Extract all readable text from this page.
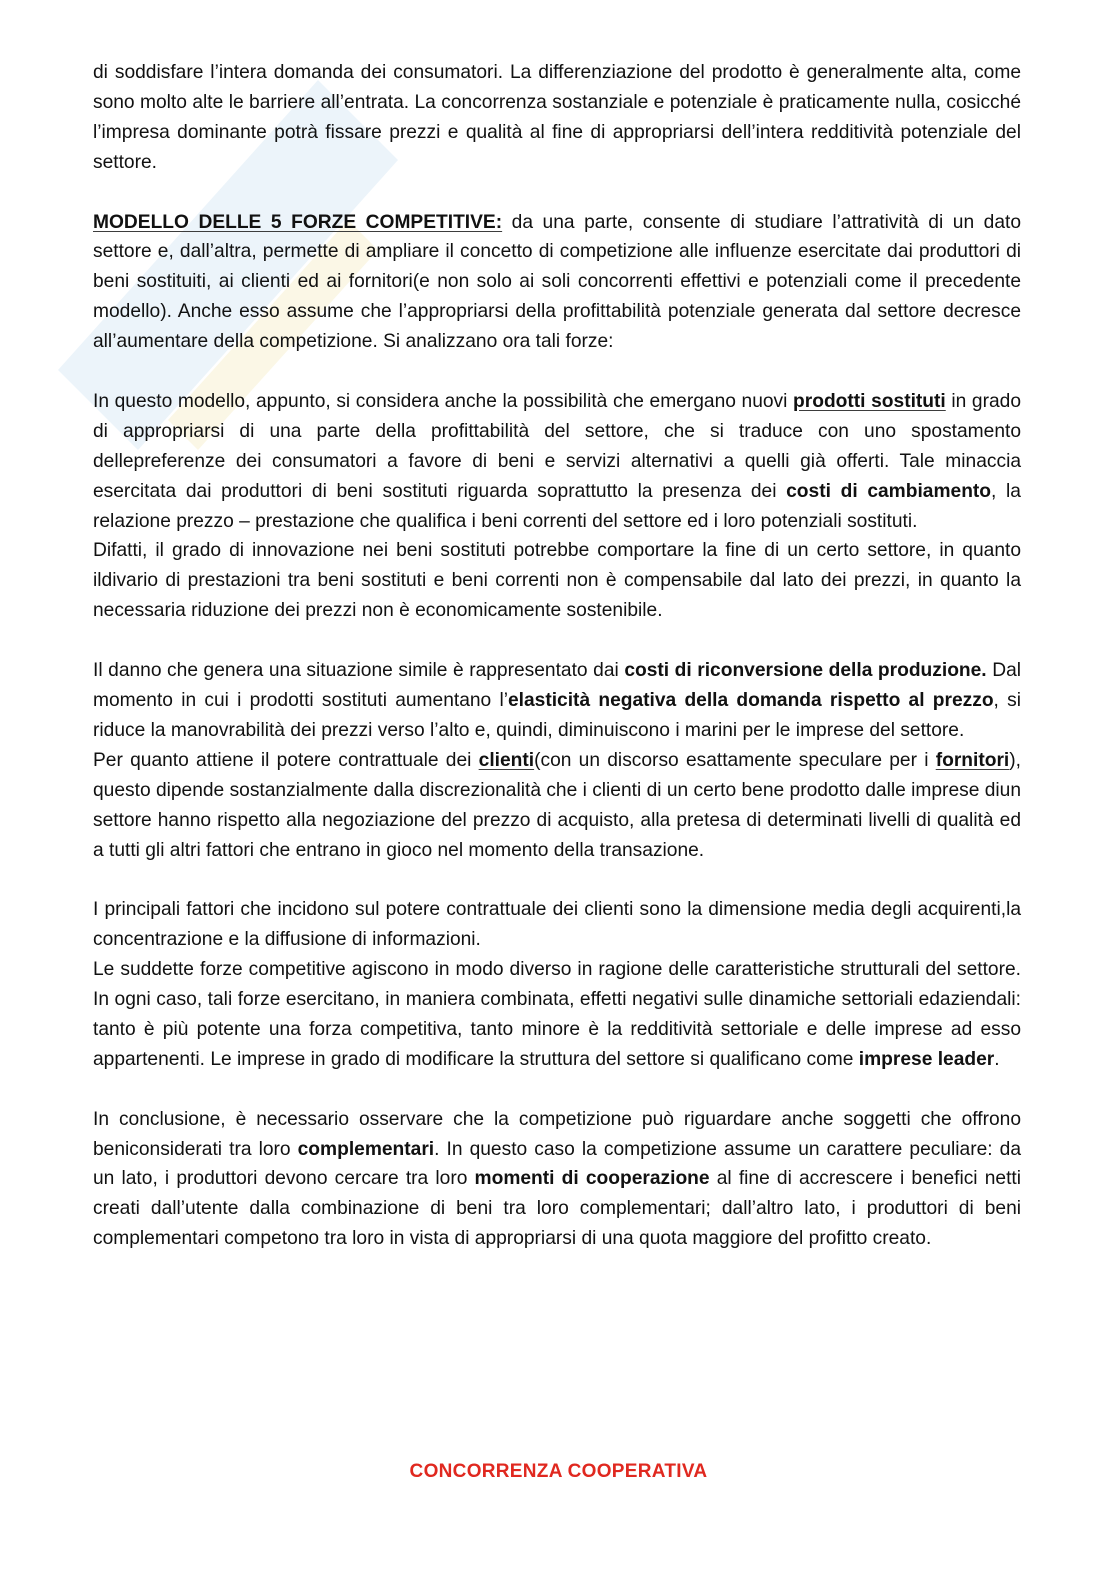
di soddisfare l’intera domanda dei consumatori. La differenziazione del prodotto è generalmente alta, come sono molto alte le barriere all’entrata. La concorrenza sostanziale e potenziale è praticamente nulla, cosicché l’impresa dominante potrà fissare prezzi e qualità al fine di appropriarsi dell’intera redditività potenziale del settore.

MODELLO DELLE 5 FORZE COMPETITIVE: da una parte, consente di studiare l’attratività di un dato settore e, dall’altra, permette di ampliare il concetto di competizione alle influenze esercitate dai produttori di beni sostituiti, ai clienti ed ai fornitori(e non solo ai soli concorrenti effettivi e potenziali come il precedente modello). Anche esso assume che l’appropriarsi della profittabilità potenziale generata dal settore decresce all’aumentare della competizione. Si analizzano ora tali forze:

In questo modello, appunto, si considera anche la possibilità che emergano nuovi prodotti sostituti in grado di appropriarsi di una parte della profittabilità del settore, che si traduce con uno spostamento dellepreferenze dei consumatori a favore di beni e servizi alternativi a quelli già offerti. Tale minaccia esercitata dai produttori di beni sostituti riguarda soprattutto la presenza dei costi di cambiamento, la relazione prezzo – prestazione che qualifica i beni correnti del settore ed i loro potenziali sostituti.

Difatti, il grado di innovazione nei beni sostituti potrebbe comportare la fine di un certo settore, in quanto ildivario di prestazioni tra beni sostituti e beni correnti non è compensabile dal lato dei prezzi, in quanto la necessaria riduzione dei prezzi non è economicamente sostenibile.

Il danno che genera una situazione simile è rappresentato dai costi di riconversione della produzione. Dal momento in cui i prodotti sostituti aumentano l’elasticità negativa della domanda rispetto al prezzo, si riduce la manovrabilità dei prezzi verso l’alto e, quindi, diminuiscono i marini per le imprese del settore.

Per quanto attiene il potere contrattuale dei clienti(con un discorso esattamente speculare per i fornitori), questo dipende sostanzialmente dalla discrezionalità che i clienti di un certo bene prodotto dalle imprese diun settore hanno rispetto alla negoziazione del prezzo di acquisto, alla pretesa di determinati livelli di qualità ed a tutti gli altri fattori che entrano in gioco nel momento della transazione.

I principali fattori che incidono sul potere contrattuale dei clienti sono la dimensione media degli acquirenti,la concentrazione e la diffusione di informazioni.

Le suddette forze competitive agiscono in modo diverso in ragione delle caratteristiche strutturali del settore. In ogni caso, tali forze esercitano, in maniera combinata, effetti negativi sulle dinamiche settoriali edaziendali: tanto è più potente una forza competitiva, tanto minore è la redditività settoriale e delle imprese ad esso appartenenti. Le imprese in grado di modificare la struttura del settore si qualificano come imprese leader.

In conclusione, è necessario osservare che la competizione può riguardare anche soggetti che offrono beniconsiderati tra loro complementari. In questo caso la competizione assume un carattere peculiare: da un lato, i produttori devono cercare tra loro momenti di cooperazione al fine di accrescere i benefici netti creati dall’utente dalla combinazione di beni tra loro complementari; dall’altro lato, i produttori di beni complementari competono tra loro in vista di appropriarsi di una quota maggiore del profitto creato.

CONCORRENZA COOPERATIVA
